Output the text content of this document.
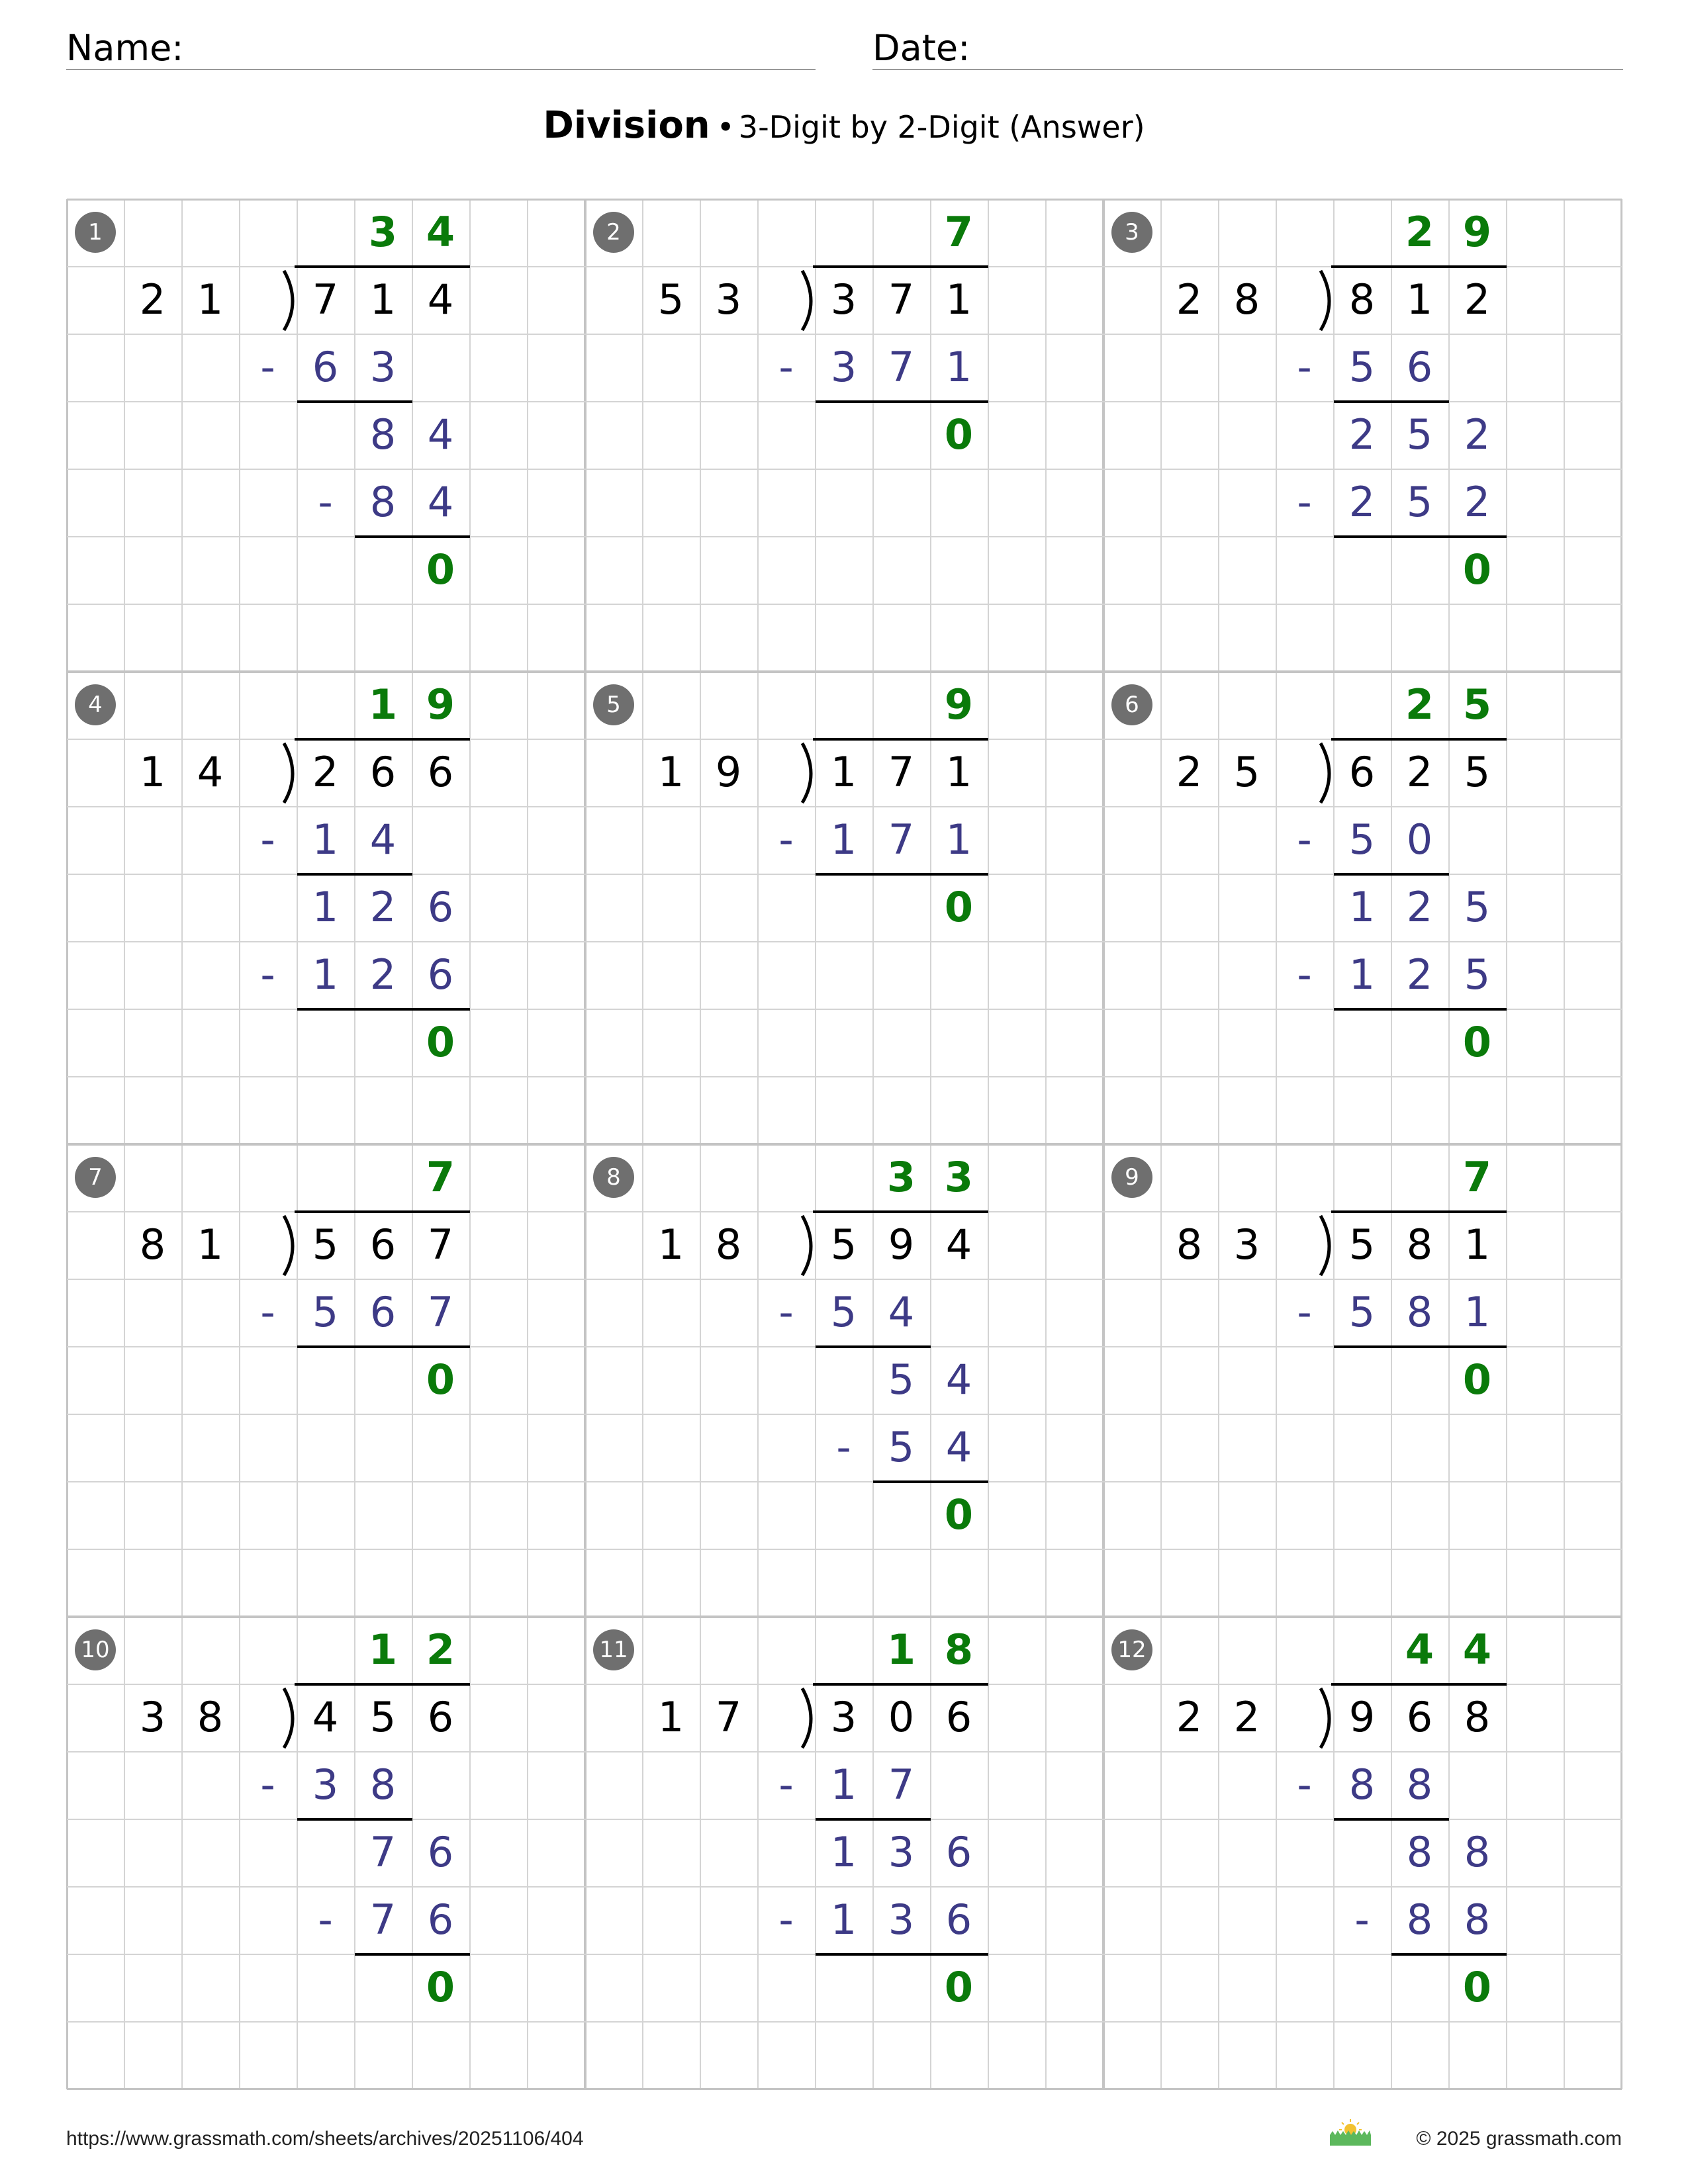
Name:	Date:
Division • 3-Digit by 2-Digit (Answer)
1
2 1	7 1 4
3 4
- 6 3
8 4
- 8 4
0
2
5 3	3 7 1
7
- 3 7 1
0
3
2 8	8 1 2
2 9
- 5 6
2 5 2
- 2 5 2
0
4
1 4	2 6 6
1 9
- 1 4
1 2 6
- 1 2 6
0
5
1 9	1 7 1
9
- 1 7 1
0
6
2 5	6 2 5
2 5
- 5 0
1 2 5
- 1 2 5
0
7
8 1	5 6 7
7
- 5 6 7
0
8
1 8	5 9 4
3 3
- 5 4
5 4
- 5 4
0
9
8 3	5 8 1
7
- 5 8 1
0
10
3 8	4 5 6
1 2
- 3 8
7 6
- 7 6
0
11
1 7	3 0 6
1 8
- 1 7
1 3 6
- 1 3 6
0
12
2 2	9 6 8
4 4
- 8 8
8 8
- 8 8
0
https://www.grassmath.com/sheets/archives/20251106/404	© 2025 grassmath.com
